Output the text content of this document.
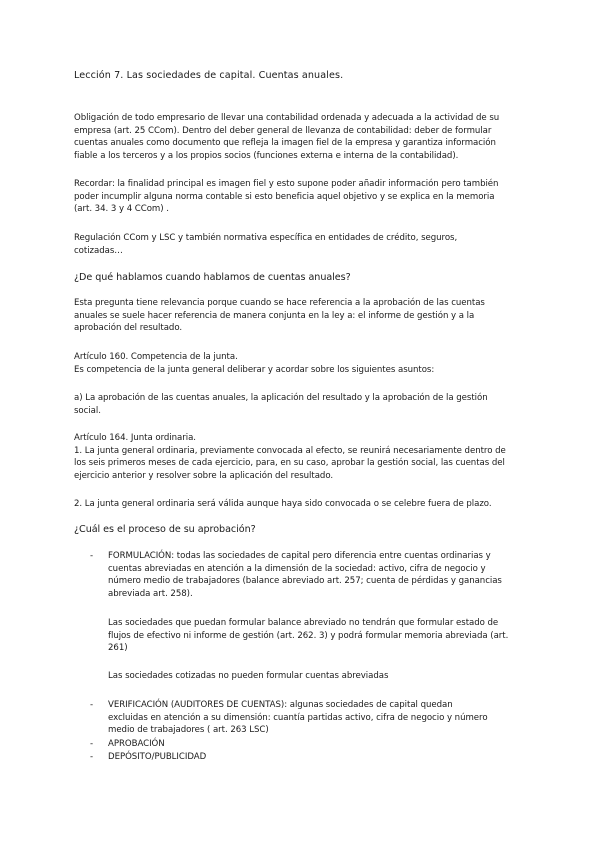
Lección 7. Las sociedades de capital. Cuentas anuales.
Obligación de todo empresario de llevar una contabilidad ordenada y adecuada a la actividad de su
empresa (art. 25 CCom). Dentro del deber general de llevanza de contabilidad: deber de formular
cuentas anuales como documento que refleja la imagen fiel de la empresa y garantiza información
fiable a los terceros y a los propios socios (funciones externa e interna de la contabilidad).
Recordar: la finalidad principal es imagen fiel y esto supone poder añadir información pero también
poder incumplir alguna norma contable si esto beneficia aquel objetivo y se explica en la memoria
(art. 34. 3 y 4 CCom) .
Regulación CCom y LSC y también normativa específica en entidades de crédito, seguros,
cotizadas…
¿De qué hablamos cuando hablamos de cuentas anuales?
Esta pregunta tiene relevancia porque cuando se hace referencia a la aprobación de las cuentas
anuales se suele hacer referencia de manera conjunta en la ley a: el informe de gestión y a la
aprobación del resultado.
Artículo 160. Competencia de la junta.
Es competencia de la junta general deliberar y acordar sobre los siguientes asuntos:
a) La aprobación de las cuentas anuales, la aplicación del resultado y la aprobación de la gestión
social.
Artículo 164. Junta ordinaria.
1. La junta general ordinaria, previamente convocada al efecto, se reunirá necesariamente dentro de
los seis primeros meses de cada ejercicio, para, en su caso, aprobar la gestión social, las cuentas del
ejercicio anterior y resolver sobre la aplicación del resultado.
2. La junta general ordinaria será válida aunque haya sido convocada o se celebre fuera de plazo.
¿Cuál es el proceso de su aprobación?
- FORMULACIÓN: todas las sociedades de capital pero diferencia entre cuentas ordinarias y
cuentas abreviadas en atención a la dimensión de la sociedad: activo, cifra de negocio y
número medio de trabajadores (balance abreviado art. 257; cuenta de pérdidas y ganancias
abreviada art. 258).
Las sociedades que puedan formular balance abreviado no tendrán que formular estado de
flujos de efectivo ni informe de gestión (art. 262. 3) y podrá formular memoria abreviada (art.
261)
Las sociedades cotizadas no pueden formular cuentas abreviadas
- VERIFICACIÓN (AUDITORES DE CUENTAS): algunas sociedades de capital quedan
excluidas en atención a su dimensión: cuantía partidas activo, cifra de negocio y número
medio de trabajadores ( art. 263 LSC)
- APROBACIÓN
- DEPÓSITO/PUBLICIDAD
